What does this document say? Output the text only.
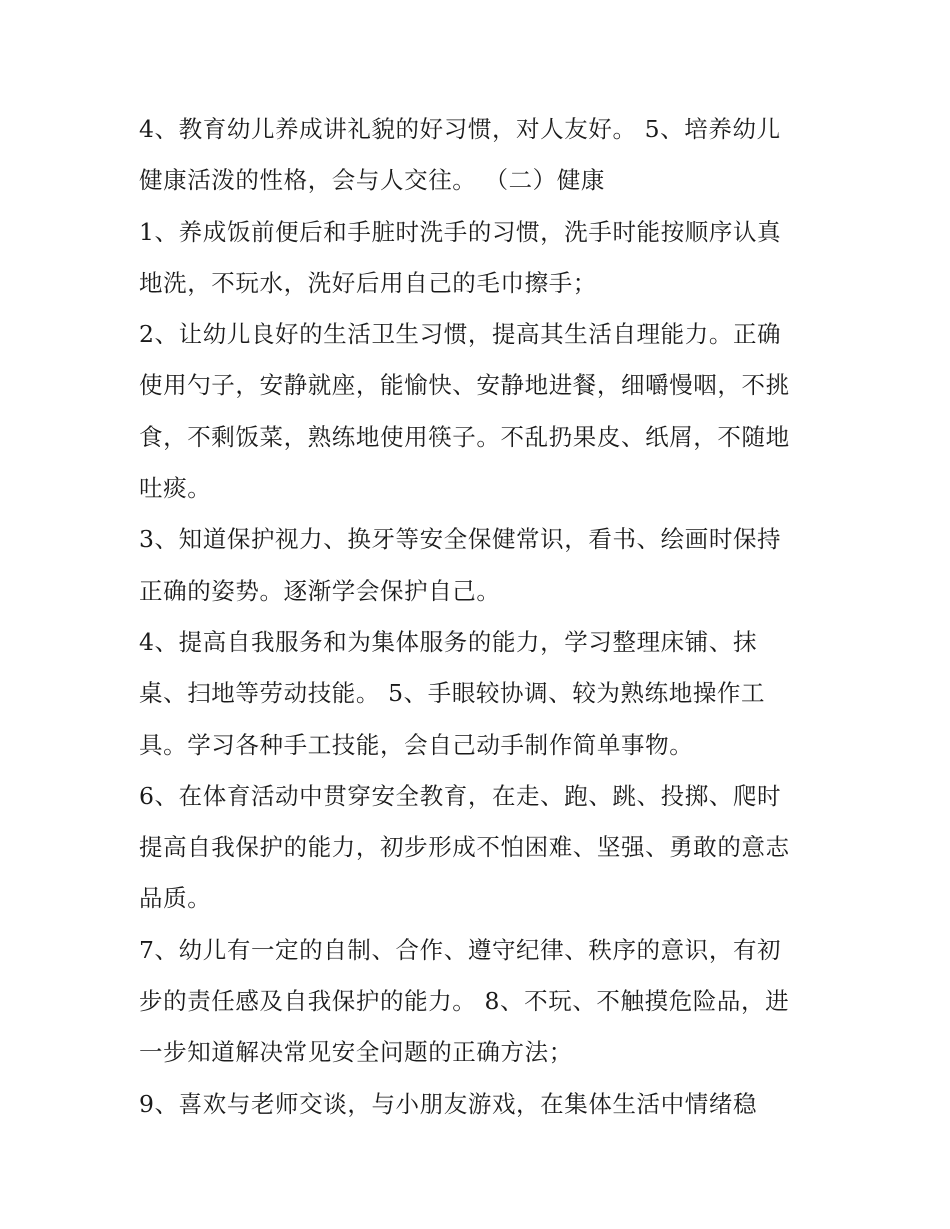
4、教育幼儿养成讲礼貌的好习惯，对人友好。 5、培养幼儿
健康活泼的性格，会与人交往。 （二）健康
1、养成饭前便后和手脏时洗手的习惯，洗手时能按顺序认真
地洗，不玩水，洗好后用自己的毛巾擦手；
2、让幼儿良好的生活卫生习惯，提高其生活自理能力。正确
使用勺子，安静就座，能愉快、安静地进餐，细嚼慢咽，不挑
食，不剩饭菜，熟练地使用筷子。不乱扔果皮、纸屑，不随地
吐痰。
3、知道保护视力、换牙等安全保健常识，看书、绘画时保持
正确的姿势。逐渐学会保护自己。
4、提高自我服务和为集体服务的能力，学习整理床铺、抹
桌、扫地等劳动技能。 5、手眼较协调、较为熟练地操作工
具。学习各种手工技能，会自己动手制作简单事物。
6、在体育活动中贯穿安全教育，在走、跑、跳、投掷、爬时
提高自我保护的能力，初步形成不怕困难、坚强、勇敢的意志
品质。
7、幼儿有一定的自制、合作、遵守纪律、秩序的意识，有初
步的责任感及自我保护的能力。 8、不玩、不触摸危险品，进
一步知道解决常见安全问题的正确方法；
9、喜欢与老师交谈，与小朋友游戏，在集体生活中情绪稳
